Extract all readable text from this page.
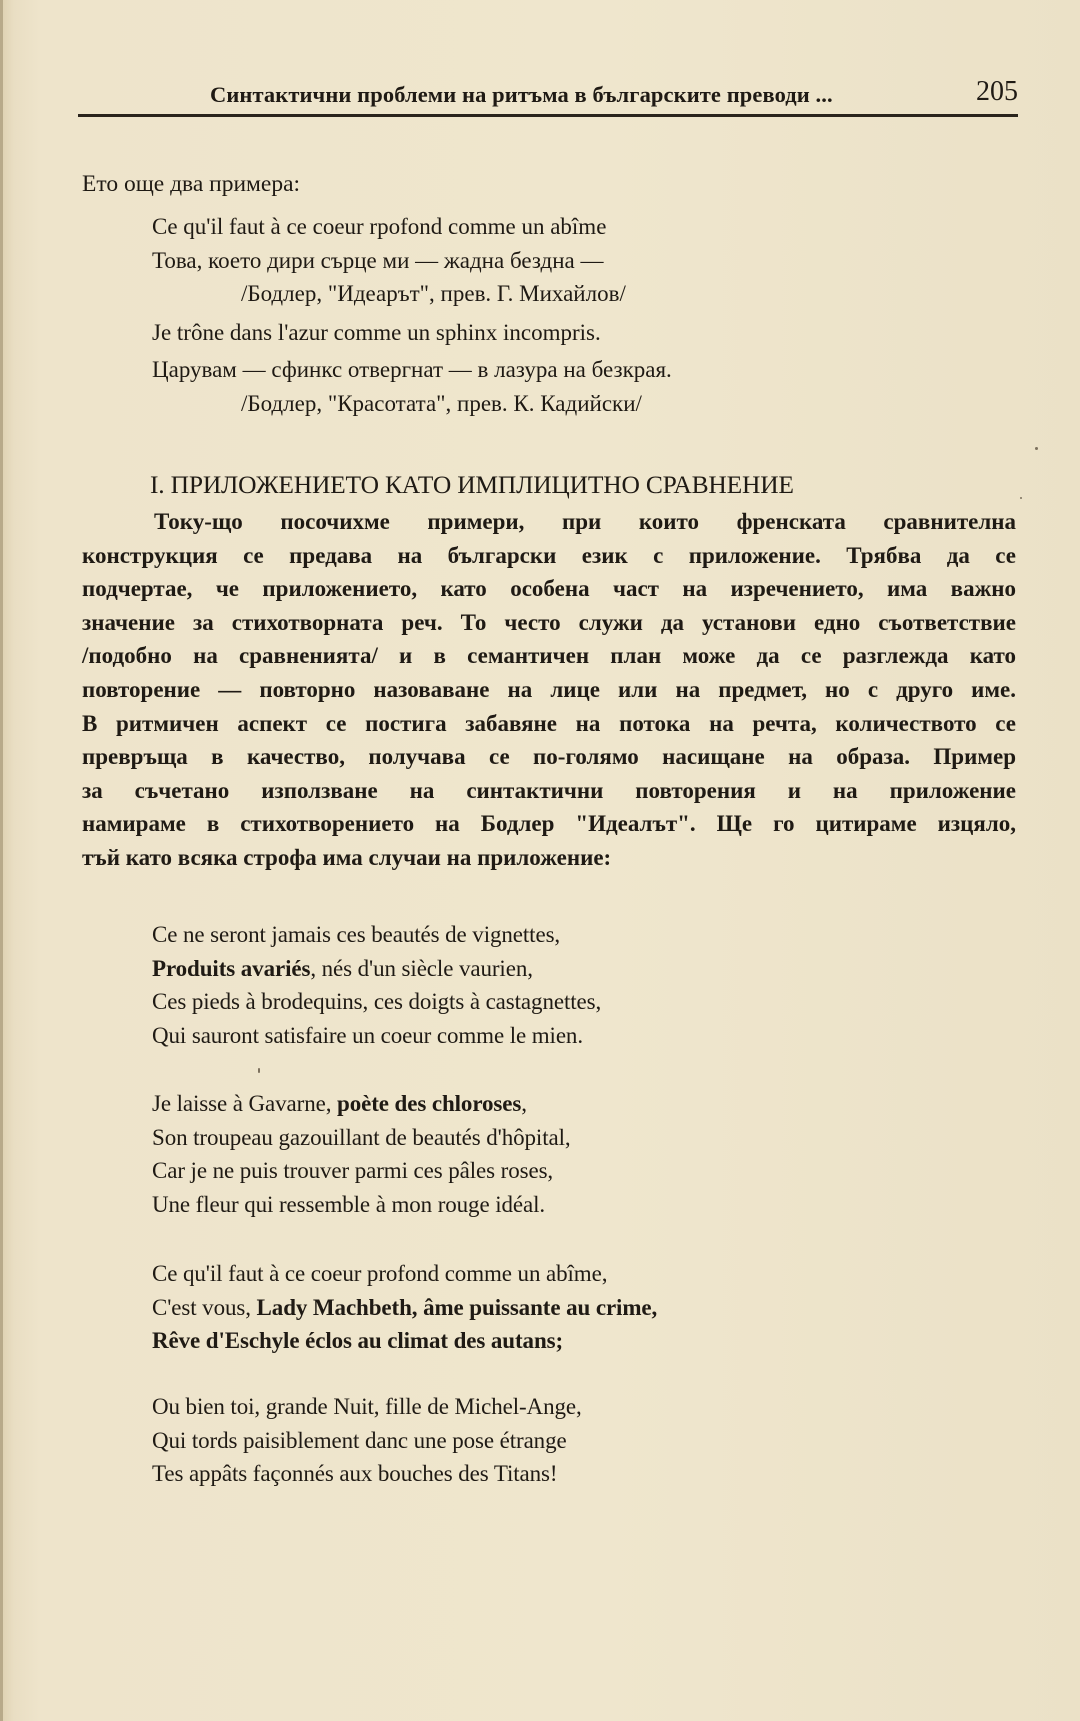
Синтактични проблеми на ритъма в българските преводи ...	205
Ето още два примера:
Ce qu'il faut à ce coeur rpofond comme un abîme
Това, което дири сърце ми — жадна бездна —
/Бодлер, "Идеарът", прев. Г. Михайлов/
Je trône dans l'azur comme un sphinx incompris.
Царувам — сфинкс отвергнат — в лазура на безкрая.
/Бодлер, "Красотата", прев. К. Кадийски/
I. ПРИЛОЖЕНИЕТО КАТО ИМПЛИЦИТНО СРАВНЕНИЕ
Току-що посочихме примери, при които френската сравнителна
конструкция се предава на български език с приложение. Трябва да се
подчертае, че приложението, като особена част на изречението, има важно
значение за стихотворната реч. То често служи да установи едно съответствие
/подобно на сравненията/ и в семантичен план може да се разглежда като
повторение — повторно назоваване на лице или на предмет, но с друго име.
В ритмичен аспект се постига забавяне на потока на речта, количеството се
превръща в качество, получава се по-голямо насищане на образа. Пример
за съчетано използване на синтактични повторения и на приложение
намираме в стихотворението на Бодлер "Идеалът". Ще го цитираме изцяло,
тъй като всяка строфа има случаи на приложение:
Ce ne seront jamais ces beautés de vignettes,
Produits avariés, nés d'un siècle vaurien,
Ces pieds à brodequins, ces doigts à castagnettes,
Qui sauront satisfaire un coeur comme le mien.
Je laisse à Gavarne, poète des chloroses,
Son troupeau gazouillant de beautés d'hôpital,
Car je ne puis trouver parmi ces pâles roses,
Une fleur qui ressemble à mon rouge idéal.
Ce qu'il faut à ce coeur profond comme un abîme,
C'est vous, Lady Machbeth, âme puissante au crime,
Rêve d'Eschyle éclos au climat des autans;
Ou bien toi, grande Nuit, fille de Michel-Ange,
Qui tords paisiblement danc une pose étrange
Tes appâts façonnés aux bouches des Titans!
